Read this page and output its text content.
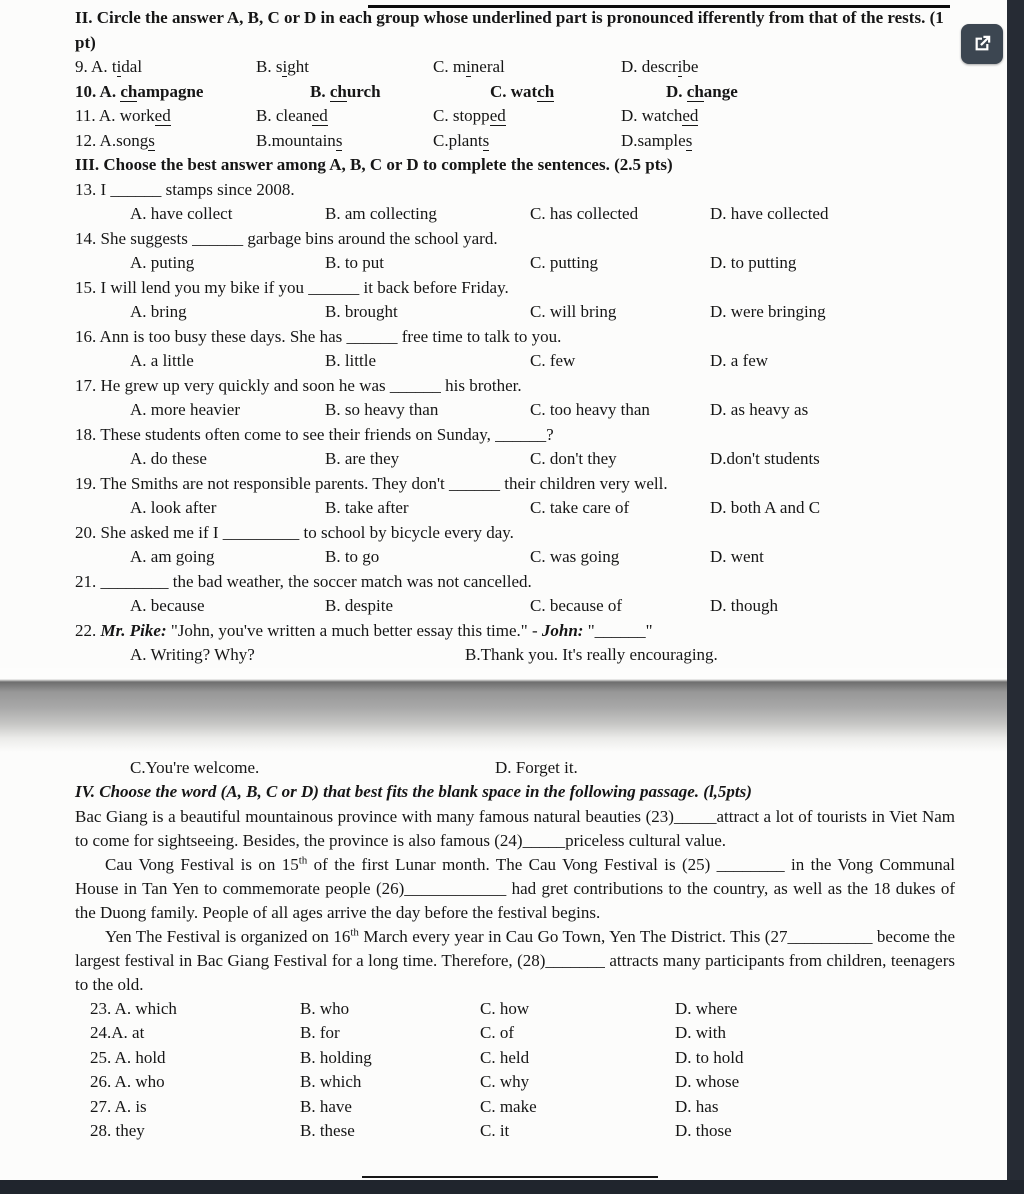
II. Circle the answer A, B, C or D in each group whose underlined part is pronounced ifferently from that of the rests. (1 pt)
9. A. tidal	B. sight	C. mineral	D. describe
10. A. champagne	B. church	C. watch	D. change
11. A. worked	B. cleaned	C. stopped	D. watched
12. A.songs	B.mountains	C.plants	D.samples
III. Choose the best answer among A, B, C or D to complete the sentences. (2.5 pts)
13. I ______ stamps since 2008.
A. have collect	B. am collecting	C. has collected	D. have collected
14. She suggests ______ garbage bins around the school yard.
A. puting	B. to put	C. putting	D. to putting
15. I will lend you my bike if you ______ it back before Friday.
A. bring	B. brought	C. will bring	D. were bringing
16. Ann is too busy these days. She has ______ free time to talk to you.
A. a little	B. little	C. few	D. a few
17. He grew up very quickly and soon he was ______ his brother.
A. more heavier	B. so heavy than	C. too heavy than	D. as heavy as
18. These students often come to see their friends on Sunday, ______?
A. do these	B. are they	C. don't they	D.don't students
19. The Smiths are not responsible parents. They don't ______ their children very well.
A. look after	B. take after	C. take care of	D. both A and C
20. She asked me if I _________ to school by bicycle every day.
A. am going	B. to go	C. was going	D. went
21. ________ the bad weather, the soccer match was not cancelled.
A. because	B. despite	C. because of	D. though
22. Mr. Pike: "John, you've written a much better essay this time." - John: "______"
A. Writing? Why?	B.Thank you. It's really encouraging.
C.You're welcome.	D. Forget it.
IV. Choose the word (A, B, C or D) that best fits the blank space in the following passage. (l,5pts)
Bac Giang is a beautiful mountainous province with many famous natural beauties (23)_____attract a lot of tourists in Viet Nam to come for sightseeing. Besides, the province is also famous (24)_____priceless cultural value.
Cau Vong Festival is on 15th of the first Lunar month. The Cau Vong Festival is (25) ________ in the Vong Communal House in Tan Yen to commemorate people (26)____________ had gret contributions to the country, as well as the 18 dukes of the Duong family. People of all ages arrive the day before the festival begins.
Yen The Festival is organized on 16th March every year in Cau Go Town, Yen The District. This (27__________ become the largest festival in Bac Giang Festival for a long time. Therefore, (28)_______ attracts many participants from children, teenagers to the old.
23. A. which	B. who	C. how	D. where
24.A. at	B. for	C. of	D. with
25. A. hold	B. holding	C. held	D. to hold
26. A. who	B. which	C. why	D. whose
27. A. is	B. have	C. make	D. has
28. they	B. these	C. it	D. those
